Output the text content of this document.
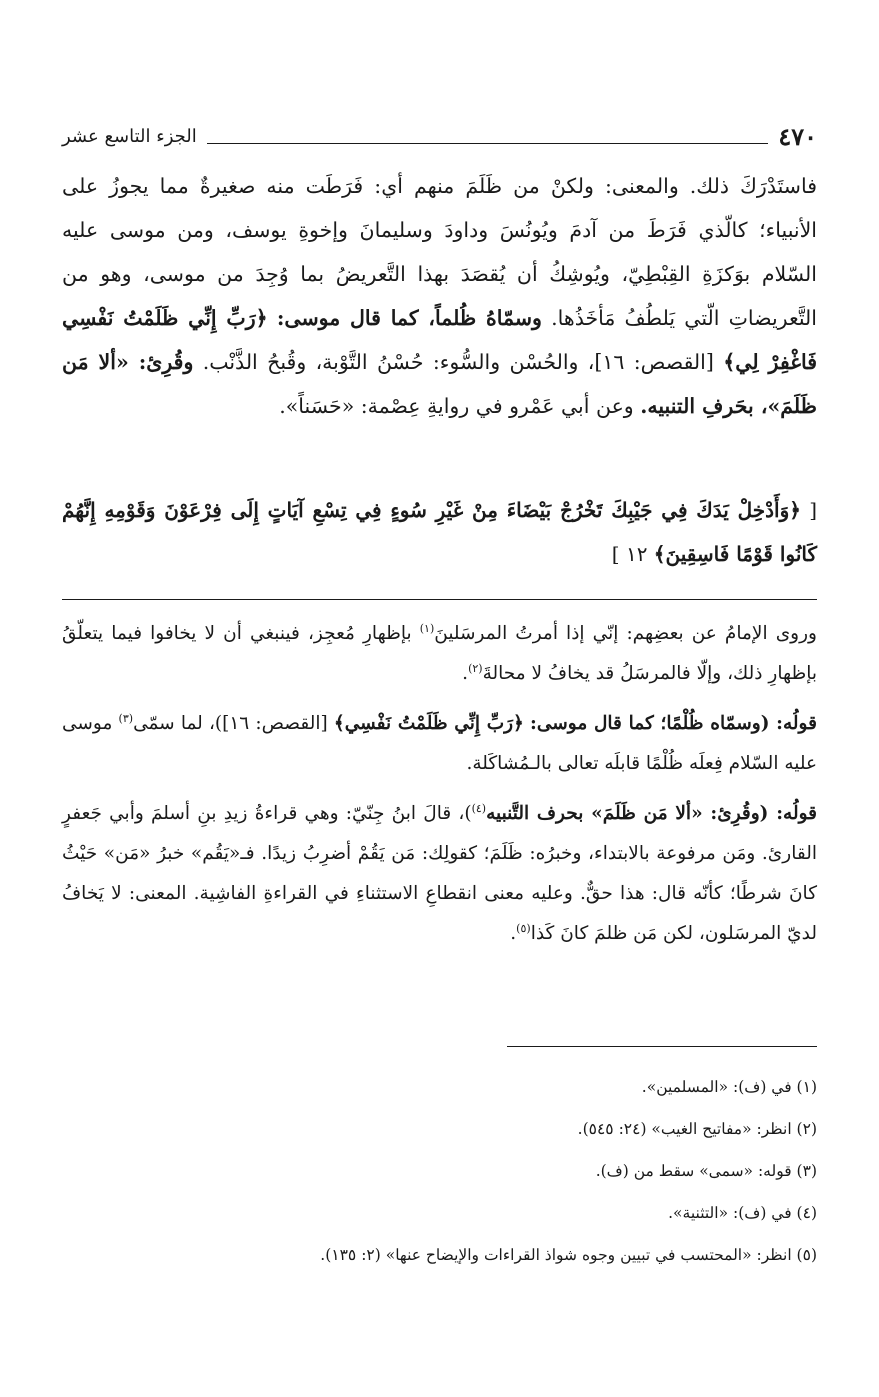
٤٧٠
الجزء التاسع عشر

فاستَدْرَكَ ذلك. والمعنى: ولكنْ من ظَلَمَ منهم أي: فَرَطَت منه صغيرةٌ مما يجوزُ على الأنبياء؛ كالّذي فَرَطَ من آدمَ ويُونُسَ وداودَ وسليمانَ وإخوةِ يوسف، ومن موسى عليه السّلام بوَكزَةِ القِبْطِيّ، ويُوشِكُ أن يُقصَدَ بهذا التَّعريضُ بما وُجِدَ من موسى، وهو من التَّعريضاتِ الّتي يَلطُفُ مَأخَذُها. وسمّاهُ ظُلماً، كما قال موسى: ﴿رَبِّ إِنِّي ظَلَمْتُ نَفْسِي فَاغْفِرْ لِي﴾ [القصص: ١٦]، والحُسْن والسُّوء: حُسْنُ التَّوْبة، وقُبحُ الذَّنْب. وقُرِئ: «ألا مَن ظَلَمَ»، بحَرفِ التنبيه. وعن أبي عَمْرو في روايةِ عِصْمة: «حَسَناً».

[ ﴿وَأَدْخِلْ يَدَكَ فِي جَيْبِكَ تَخْرُجْ بَيْضَاءَ مِنْ غَيْرِ سُوءٍ فِي تِسْعِ آيَاتٍ إِلَى فِرْعَوْنَ وَقَوْمِهِ إِنَّهُمْ كَانُوا قَوْمًا فَاسِقِينَ﴾ ١٢ ]

وروى الإمامُ عن بعضِهم: إنّي إذا أمرتُ المرسَلينَ$^{(١)}$ بإظهارِ مُعجِز، فينبغي أن لا يخافوا فيما يتعلّقُ بإظهارِ ذلك، وإلّا فالمرسَلُ قد يخافُ لا محالةَ$^{(٢)}$.

قولُه: (وسمّاه ظُلْمًا؛ كما قال موسى: ﴿رَبِّ إِنِّي ظَلَمْتُ نَفْسِي﴾ [القصص: ١٦])، لما سمّى$^{(٣)}$ موسى عليه السّلام فِعلَه ظُلْمًا قابلَه تعالى بالـمُشاكَلة.

قولُه: (وقُرِئ: «ألا مَن ظَلَمَ» بحرف التَّنبيه$^{(٤)}$)، قالَ ابنُ جِنّيّ: وهي قراءةُ زيدِ بنِ أسلمَ وأبي جَعفرٍ القارئ. ومَن مرفوعة بالابتداء، وخبرُه: ظَلَمَ؛ كقولِك: مَن يَقُمْ أضرِبُ زيدًا. فـ«يَقُم» خبرُ «مَن» حَيْثُ كانَ شرطًا؛ كأنّه قال: هذا حقٌّ. وعليه معنى انقطاعِ الاستثناءِ في القراءةِ الفاشِية. المعنى: لا يَخافُ لديّ المرسَلون، لكن مَن ظلمَ كانَ كَذا$^{(٥)}$.

(١) في (ف): «المسلمين».
(٢) انظر: «مفاتيح الغيب» (٢٤: ٥٤٥).
(٣) قوله: «سمى» سقط من (ف).
(٤) في (ف): «التثنية».
(٥) انظر: «المحتسب في تبيين وجوه شواذ القراءات والإيضاح عنها» (٢: ١٣٥).
